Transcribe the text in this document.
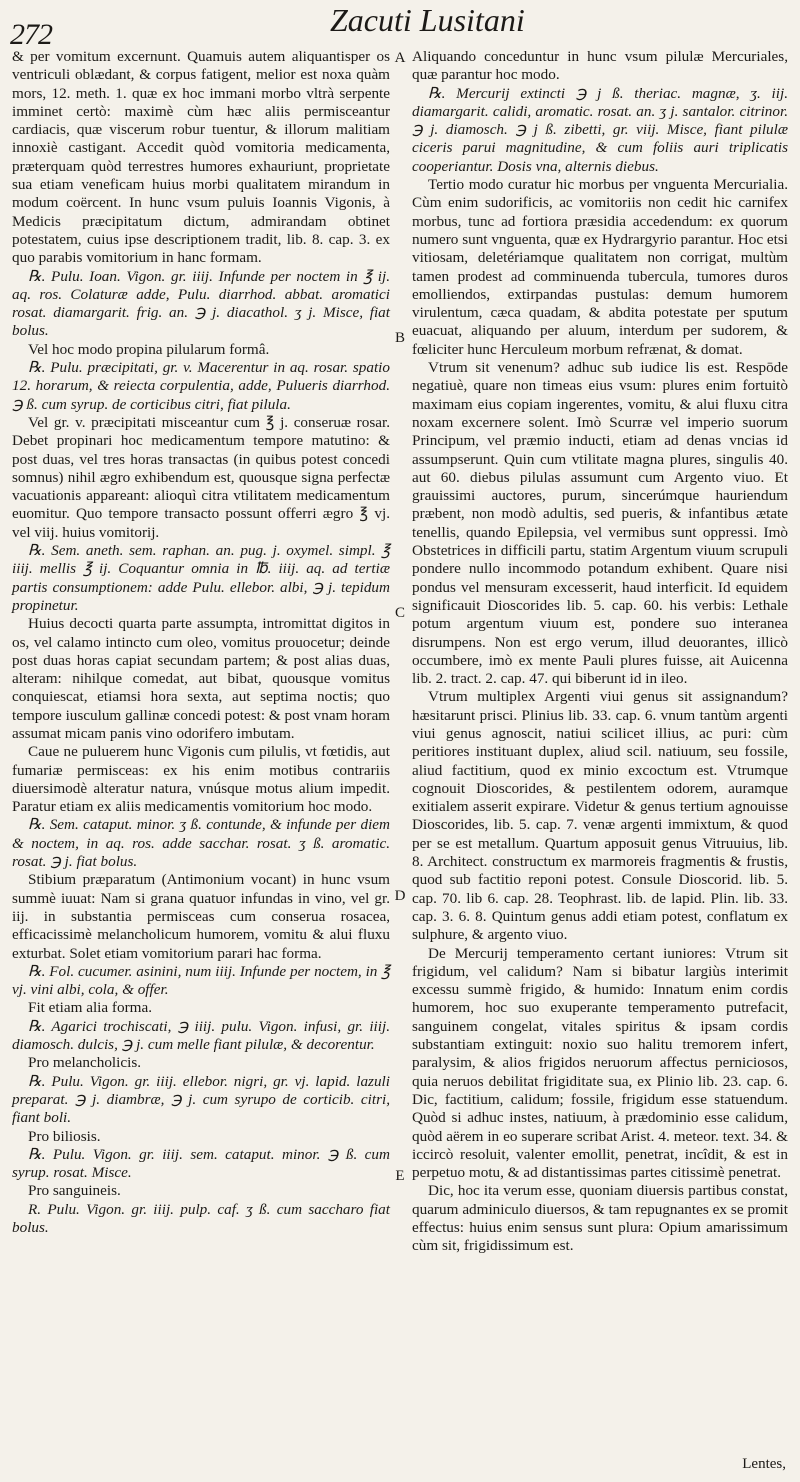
272	Zacuti Lusitani

& per vomitum excernunt. Quamuis autem aliquantisper os ventriculi oblædant, & corpus fatigent, melior est noxa quàm mors, 12. meth. 1. quæ ex hoc immani morbo vltrà serpente imminet certò: maximè cùm hæc aliis permisceantur cardiacis, quæ viscerum robur tuentur, & illorum malitiam innoxiè castigant. Accedit quòd vomitoria medicamenta, præterquam quòd terrestres humores exhauriunt, proprietate sua etiam veneficam huius morbi qualitatem mirandum in modum coërcent. In hunc vsum puluis Ioannis Vigonis, à Medicis præcipitatum dictum, admirandam obtinet potestatem, cuius ipse descriptionem tradit, lib. 8. cap. 3. ex quo parabis vomitorium in hanc formam.

℞. Pulu. Ioan. Vigon. gr. iiij. Infunde per noctem in ℥ ij. aq. ros. Colaturæ adde, Pulu. diarrhod. abbat. aromatici rosat. diamargarit. frig. an. ℈ j. diacathol. ʒ j. Misce, fiat bolus.

Vel hoc modo propina pilularum formâ.

℞. Pulu. præcipitati, gr. v. Macerentur in aq. rosar. spatio 12. horarum, & reiecta corpulentia, adde, Pulueris diarrhod. ℈ ß. cum syrup. de corticibus citri, fiat pilula.

Vel gr. v. præcipitati misceantur cum ℥ j. conseruæ rosar. Debet propinari hoc medicamentum tempore matutino: & post duas, vel tres horas transactas (in quibus potest concedi somnus) nihil ægro exhibendum est, quousque signa perfectæ vacuationis appareant: alioquì citra vtilitatem medicamentum euomitur. Quo tempore transacto possunt offerri ægro ℥ vj. vel viij. huius vomitorij.

℞. Sem. aneth. sem. raphan. an. pug. j. oxymel. simpl. ℥ iiij. mellis ℥ ij. Coquantur omnia in ℔. iiij. aq. ad tertiæ partis consumptionem: adde Pulu. ellebor. albi, ℈ j. tepidum propinetur.

Huius decocti quarta parte assumpta, intromittat digitos in os, vel calamo intincto cum oleo, vomitus prouocetur; deinde post duas horas capiat secundam partem; & post alias duas, alteram: nihilque comedat, aut bibat, quousque vomitus conquiescat, etiamsi hora sexta, aut septima noctis; quo tempore iusculum gallinæ concedi potest: & post vnam horam assumat micam panis vino odorifero imbutam.

Caue ne puluerem hunc Vigonis cum pilulis, vt fœtidis, aut fumariæ permisceas: ex his enim motibus contrariis diuersimodè alteratur natura, vnúsque motus alium impedit. Paratur etiam ex aliis medicamentis vomitorium hoc modo.

℞. Sem. cataput. minor. ʒ ß. contunde, & infunde per diem & noctem, in aq. ros. adde sacchar. rosat. ʒ ß. aromatic. rosat. ℈ j. fiat bolus.

Stibium præparatum (Antimonium vocant) in hunc vsum summè iuuat: Nam si grana quatuor infundas in vino, vel gr. iij. in substantia permisceas cum conserua rosacea, efficacissimè melancholicum humorem, vomitu & alui fluxu exturbat. Solet etiam vomitorium parari hac forma.

℞. Fol. cucumer. asinini, num iiij. Infunde per noctem, in ℥ vj. vini albi, cola, & offer.

Fit etiam alia forma.

℞. Agarici trochiscati, ℈ iiij. pulu. Vigon. infusi, gr. iiij. diamosch. dulcis, ℈ j. cum melle fiant pilulæ, & decorentur.

Pro melancholicis.

℞. Pulu. Vigon. gr. iiij. ellebor. nigri, gr. vj. lapid. lazuli preparat. ℈ j. diambræ, ℈ j. cum syrupo de corticib. citri, fiant boli.

Pro biliosis.

℞. Pulu. Vigon. gr. iiij. sem. cataput. minor. ℈ ß. cum syrup. rosat. Misce.

Pro sanguineis.

R. Pulu. Vigon. gr. iiij. pulp. caf. ʒ ß. cum saccharo fiat bolus.

A
B
C
D
E

Aliquando conceduntur in hunc vsum pilulæ Mercuriales, quæ parantur hoc modo.

℞. Mercurij extincti ℈ j ß. theriac. magnæ, ʒ. iij. diamargarit. calidi, aromatic. rosat. an. ʒ j. santalor. citrinor. ℈ j. diamosch. ℈ j ß. zibetti, gr. viij. Misce, fiant pilulæ ciceris parui magnitudine, & cum foliis auri triplicatis cooperiantur. Dosis vna, alternis diebus.

Tertio modo curatur hic morbus per vnguenta Mercurialia. Cùm enim sudorificis, ac vomitoriis non cedit hic carnifex morbus, tunc ad fortiora præsidia accedendum: ex quorum numero sunt vnguenta, quæ ex Hydrargyrio parantur. Hoc etsi vitiosam, deletériamque qualitatem non corrigat, multùm tamen prodest ad comminuenda tubercula, tumores duros emolliendos, extirpandas pustulas: demum humorem virulentum, cæca quadam, & abdita potestate per sputum euacuat, aliquando per aluum, interdum per sudorem, & fœliciter hunc Herculeum morbum refrænat, & domat.

Vtrum sit venenum? adhuc sub iudice lis est. Respōde negatiuè, quare non timeas eius vsum: plures enim fortuitò maximam eius copiam ingerentes, vomitu, & alui fluxu citra noxam excernere solent. Imò Scurræ vel imperio suorum Principum, vel præmio inducti, etiam ad denas vncias id assumpserunt. Quin cum vtilitate magna plures, singulis 40. aut 60. diebus pilulas assumunt cum Argento viuo. Et grauissimi auctores, purum, sincerúmque hauriendum præbent, non modò adultis, sed pueris, & infantibus ætate tenellis, quando Epilepsia, vel vermibus sunt oppressi. Imò Obstetrices in difficili partu, statim Argentum viuum scrupuli pondere nullo incommodo potandum exhibent. Quare nisi pondus vel mensuram excesserit, haud interficit. Id equidem significauit Dioscorides lib. 5. cap. 60. his verbis: Lethale potum argentum viuum est, pondere suo interanea disrumpens. Non est ergo verum, illud deuorantes, illicò occumbere, imò ex mente Pauli plures fuisse, ait Auicenna lib. 2. tract. 2. cap. 47. qui biberunt id in ileo.

Vtrum multiplex Argenti viui genus sit assignandum? hæsitarunt prisci. Plinius lib. 33. cap. 6. vnum tantùm argenti viui genus agnoscit, natiui scilicet illius, ac puri: cùm peritiores instituant duplex, aliud scil. natiuum, seu fossile, aliud factitium, quod ex minio excoctum est. Vtrumque cognouit Dioscorides, & pestilentem odorem, auramque exitialem asserit expirare. Videtur & genus tertium agnouisse Dioscorides, lib. 5. cap. 7. venæ argenti immixtum, & quod per se est metallum. Quartum apposuit genus Vitruuius, lib. 8. Architect. constructum ex marmoreis fragmentis & frustis, quod sub factitio reponi potest. Consule Dioscorid. lib. 5. cap. 70. lib 6. cap. 28. Teophrast. lib. de lapid. Plin. lib. 33. cap. 3. 6. 8. Quintum genus addi etiam potest, conflatum ex sulphure, & argento viuo.

De Mercurij temperamento certant iuniores: Vtrum sit frigidum, vel calidum? Nam si bibatur largiùs interimit excessu summè frigido, & humido: Innatum enim cordis humorem, hoc suo exuperante temperamento putrefacit, sanguinem congelat, vitales spiritus & ipsam cordis substantiam extinguit: noxio suo halitu tremorem infert, paralysim, & alios frigidos neruorum affectus perniciosos, quia neruos debilitat frigiditate sua, ex Plinio lib. 23. cap. 6. Dic, factitium, calidum; fossile, frigidum esse statuendum. Quòd si adhuc instes, natiuum, à prædominio esse calidum, quòd aërem in eo superare scribat Arist. 4. meteor. text. 34. & iccircò resoluit, valenter emollit, penetrat, incîdit, & est in perpetuo motu, & ad distantissimas partes citissimè penetrat.

Dic, hoc ita verum esse, quoniam diuersis partibus constat, quarum adminiculo diuersos, & tam repugnantes ex se promit effectus: huius enim sensus sunt plura: Opium amarissimum cùm sit, frigidissimum est.

Lentes,
